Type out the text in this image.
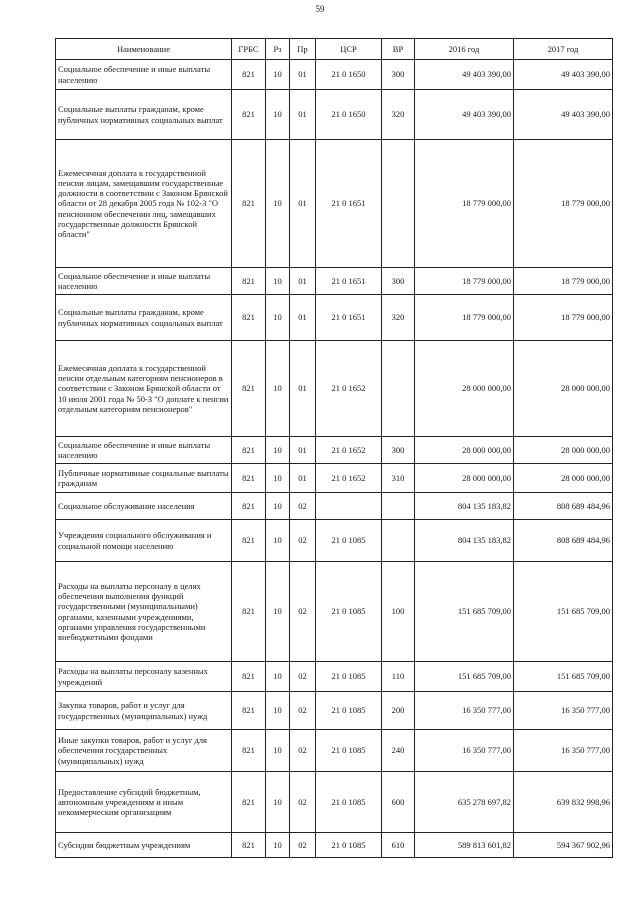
59
Наименование	ГРБС	Рз	Пр	ЦСР	ВР	2016 год	2017 год
Социальное обеспечение и иные выплаты населению	821	10	01	21 0 1650	300	49 403 390,00	49 403 390,00
Социальные выплаты гражданам, кроме публичных нормативных социальных выплат	821	10	01	21 0 1650	320	49 403 390,00	49 403 390,00
Ежемесячная доплата к государственной пенсии лицам, замещавшим государственные должности в соответствии с Законом Брянской области от 28 декабря 2005 года № 102-З "О пенсионном обеспечении лиц, замещавших государственные должности Брянской области"	821	10	01	21 0 1651		18 779 000,00	18 779 000,00
Социальное обеспечение и иные выплаты населению	821	10	01	21 0 1651	300	18 779 000,00	18 779 000,00
Социальные выплаты гражданам, кроме публичных нормативных социальных выплат	821	10	01	21 0 1651	320	18 779 000,00	18 779 000,00
Ежемесячная доплата к государственной пенсии отдельным категориям пенсионеров в соответствии с Законом Брянской области от 10 июля 2001 года № 50-З "О доплате к пенсии отдельным категориям пенсионеров"	821	10	01	21 0 1652		28 000 000,00	28 000 000,00
Социальное обеспечение и иные выплаты населению	821	10	01	21 0 1652	300	28 000 000,00	28 000 000,00
Публичные нормативные социальные выплаты гражданам	821	10	01	21 0 1652	310	28 000 000,00	28 000 000,00
Социальное обслуживание населения	821	10	02			804 135 183,82	808 689 484,96
Учреждения социального обслуживания и социальной помощи населению	821	10	02	21 0 1085		804 135 183,82	808 689 484,96
Расходы на выплаты персоналу в целях обеспечения выполнения функций государственными (муниципальными) органами, казенными учреждениями, органами управления государственными внебюджетными фондами	821	10	02	21 0 1085	100	151 685 709,00	151 685 709,00
Расходы на выплаты персоналу казенных учреждений	821	10	02	21 0 1085	110	151 685 709,00	151 685 709,00
Закупка товаров, работ и услуг для государственных (муниципальных) нужд	821	10	02	21 0 1085	200	16 350 777,00	16 350 777,00
Иные закупки товаров, работ и услуг для обеспечения государственных (муниципальных) нужд	821	10	02	21 0 1085	240	16 350 777,00	16 350 777,00
Предоставление субсидий бюджетным, автономным учреждениям и иным некоммерческим организациям	821	10	02	21 0 1085	600	635 278 697,82	639 832 998,96
Субсидии бюджетным учреждениям	821	10	02	21 0 1085	610	589 813 601,82	594 367 902,96
